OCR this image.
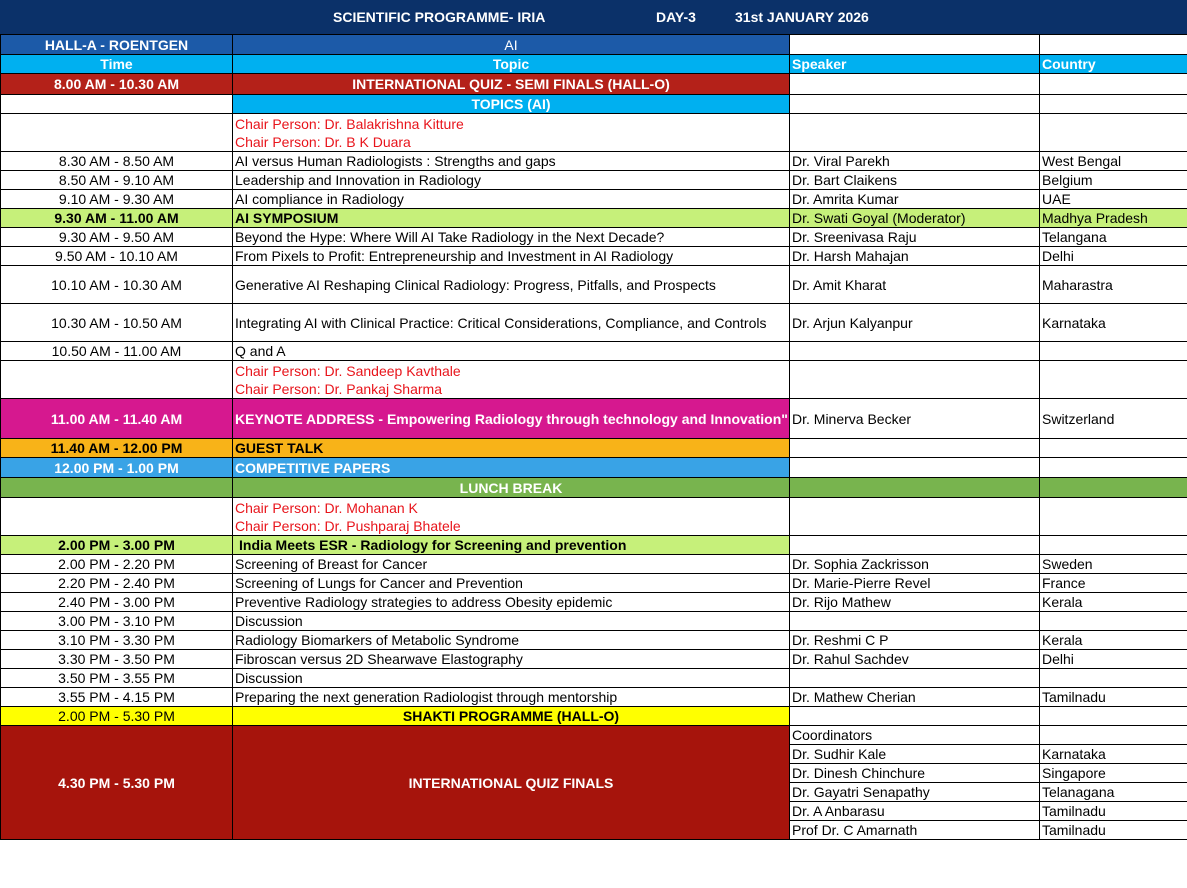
SCIENTIFIC PROGRAMME- IRIA	DAY-3	31st JANUARY 2026
HALL-A - ROENTGEN	AI		
Time	Topic	Speaker	Country
8.00 AM - 10.30 AM	INTERNATIONAL QUIZ - SEMI FINALS (HALL-O)		
	TOPICS (AI)		

	Chair Person: Dr. Balakrishna Kitture
Chair Person: Dr. B K Duara		

8.30 AM - 8.50 AM	AI versus Human Radiologists : Strengths and gaps	Dr. Viral Parekh	West Bengal
8.50 AM - 9.10 AM	Leadership and Innovation in Radiology	Dr. Bart Claikens	Belgium
9.10 AM - 9.30 AM	AI compliance in Radiology	Dr. Amrita Kumar	UAE
9.30 AM - 11.00 AM	AI SYMPOSIUM	Dr. Swati Goyal (Moderator)	Madhya Pradesh
9.30 AM - 9.50 AM	Beyond the Hype: Where Will AI Take Radiology in the Next Decade?	Dr. Sreenivasa Raju	Telangana
9.50 AM - 10.10 AM	From Pixels to Profit: Entrepreneurship and Investment in AI Radiology	Dr. Harsh Mahajan	Delhi
10.10 AM - 10.30 AM	Generative AI Reshaping Clinical Radiology: Progress, Pitfalls, and Prospects	Dr. Amit Kharat	Maharastra
10.30 AM - 10.50 AM	Integrating AI with Clinical Practice: Critical Considerations, Compliance, and Controls	Dr. Arjun Kalyanpur	Karnataka
10.50 AM - 11.00 AM	Q and A		

	Chair Person: Dr. Sandeep Kavthale
Chair Person: Dr. Pankaj Sharma		

11.00 AM - 11.40 AM	KEYNOTE ADDRESS - Empowering Radiology through technology and Innovation"	Dr. Minerva Becker	Switzerland
11.40 AM - 12.00 PM	GUEST TALK		
12.00 PM - 1.00 PM	COMPETITIVE PAPERS		
	LUNCH BREAK		

	Chair Person: Dr. Mohanan K
Chair Person: Dr. Pushparaj Bhatele		

2.00 PM - 3.00 PM	India Meets ESR - Radiology for Screening and prevention		
2.00 PM - 2.20 PM	Screening of Breast for Cancer	Dr. Sophia Zackrisson	Sweden
2.20 PM - 2.40 PM	Screening of Lungs for Cancer and Prevention	Dr. Marie-Pierre Revel	France
2.40 PM - 3.00 PM	Preventive Radiology strategies to address Obesity epidemic	Dr. Rijo Mathew	Kerala
3.00 PM - 3.10 PM	Discussion		
3.10 PM - 3.30 PM	Radiology Biomarkers of Metabolic Syndrome	Dr. Reshmi C P	Kerala
3.30 PM - 3.50 PM	Fibroscan versus 2D Shearwave Elastography	Dr. Rahul Sachdev	Delhi
3.50 PM - 3.55 PM	Discussion		
3.55 PM - 4.15 PM	Preparing the next generation Radiologist through mentorship	Dr. Mathew Cherian	Tamilnadu
2.00 PM - 5.30 PM	SHAKTI PROGRAMME (HALL-O)		
4.30 PM - 5.30 PM	INTERNATIONAL QUIZ FINALS	Coordinators	
		Dr. Sudhir Kale	Karnataka
		Dr. Dinesh Chinchure	Singapore
		Dr. Gayatri Senapathy	Telanagana
		Dr. A Anbarasu	Tamilnadu
		Prof Dr. C Amarnath	Tamilnadu
